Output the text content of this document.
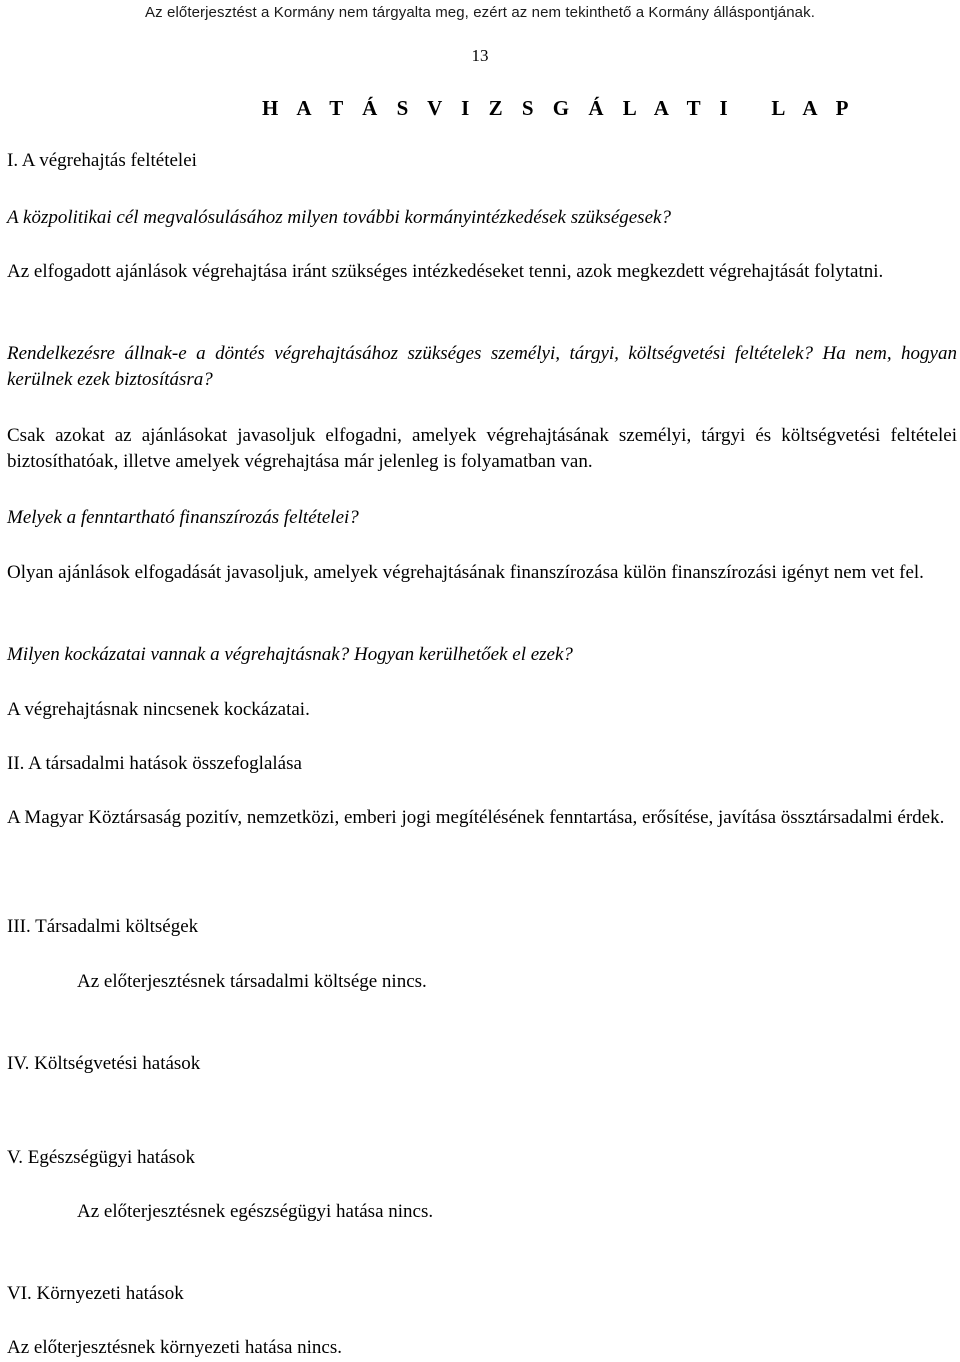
Az előterjesztést a Kormány nem tárgyalta meg, ezért az nem tekinthető a Kormány álláspontjának.
13
H A T Á S V I Z S G Á L A T I   L A P
I. A végrehajtás feltételei
A közpolitikai cél megvalósulásához milyen további kormányintézkedések szükségesek?
Az elfogadott ajánlások végrehajtása iránt szükséges intézkedéseket tenni, azok megkezdett végrehajtását folytatni.
Rendelkezésre állnak-e a döntés végrehajtásához szükséges személyi, tárgyi, költségvetési feltételek? Ha nem, hogyan kerülnek ezek biztosításra?
Csak azokat az ajánlásokat javasoljuk elfogadni, amelyek végrehajtásának személyi, tárgyi és költségvetési feltételei biztosíthatóak, illetve amelyek végrehajtása már jelenleg is folyamatban van.
Melyek a fenntartható finanszírozás feltételei?
Olyan ajánlások elfogadását javasoljuk, amelyek végrehajtásának finanszírozása külön finanszírozási igényt nem vet fel.
Milyen kockázatai vannak a végrehajtásnak? Hogyan kerülhetőek el ezek?
A végrehajtásnak nincsenek kockázatai.
II. A társadalmi hatások összefoglalása
A Magyar Köztársaság pozitív, nemzetközi, emberi jogi megítélésének fenntartása, erősítése, javítása össztársadalmi érdek.
III. Társadalmi költségek
Az előterjesztésnek társadalmi költsége nincs.
IV. Költségvetési hatások
V. Egészségügyi hatások
Az előterjesztésnek egészségügyi hatása nincs.
VI. Környezeti hatások
Az előterjesztésnek környezeti hatása nincs.
